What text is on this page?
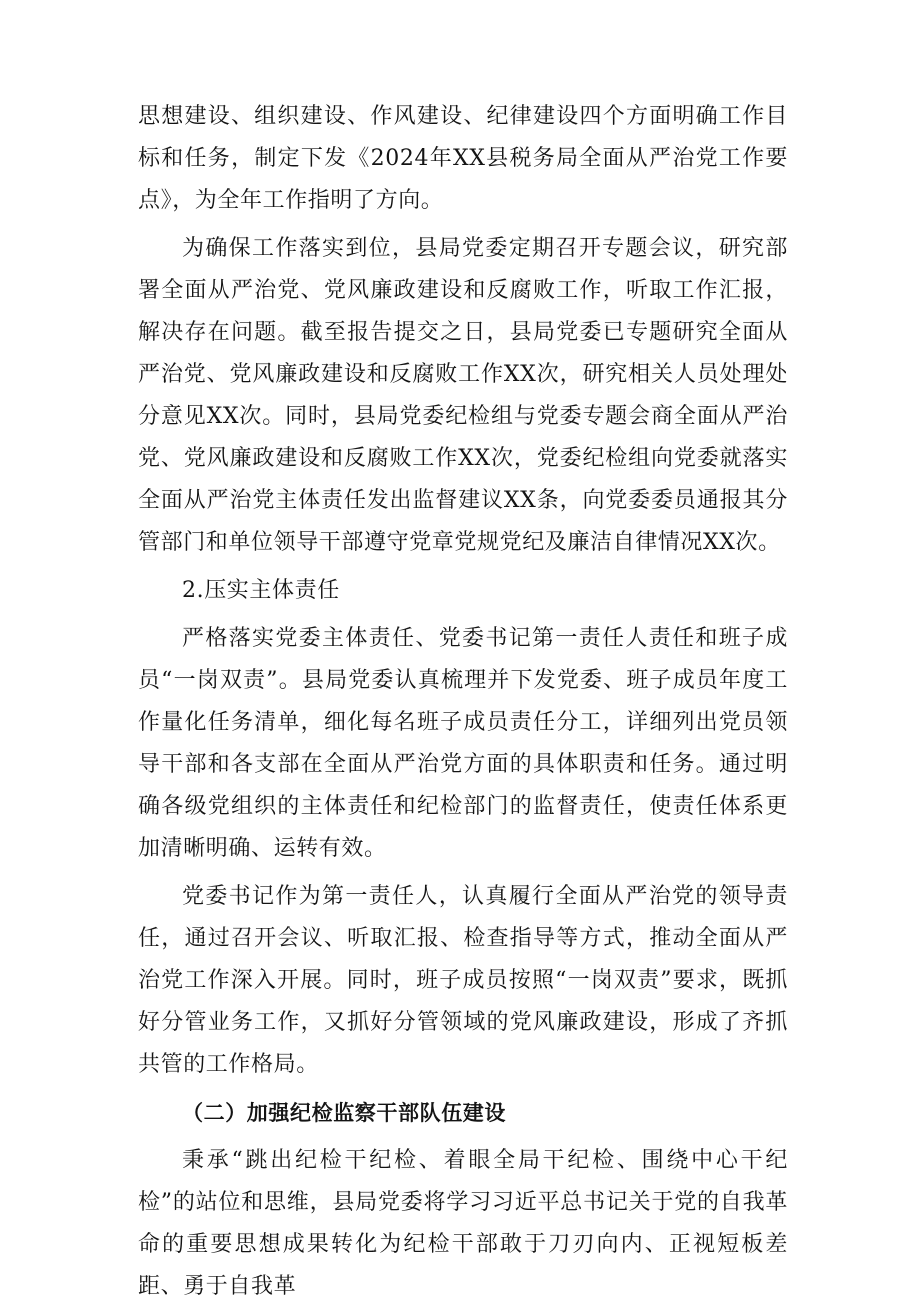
思想建设、组织建设、作风建设、纪律建设四个方面明确工作目标和任务，制定下发《2024年XX县税务局全面从严治党工作要点》，为全年工作指明了方向。

为确保工作落实到位，县局党委定期召开专题会议，研究部署全面从严治党、党风廉政建设和反腐败工作，听取工作汇报，解决存在问题。截至报告提交之日，县局党委已专题研究全面从严治党、党风廉政建设和反腐败工作XX次，研究相关人员处理处分意见XX次。同时，县局党委纪检组与党委专题会商全面从严治党、党风廉政建设和反腐败工作XX次，党委纪检组向党委就落实全面从严治党主体责任发出监督建议XX条，向党委委员通报其分管部门和单位领导干部遵守党章党规党纪及廉洁自律情况XX次。

2.压实主体责任

严格落实党委主体责任、党委书记第一责任人责任和班子成员“一岗双责”。县局党委认真梳理并下发党委、班子成员年度工作量化任务清单，细化每名班子成员责任分工，详细列出党员领导干部和各支部在全面从严治党方面的具体职责和任务。通过明确各级党组织的主体责任和纪检部门的监督责任，使责任体系更加清晰明确、运转有效。

党委书记作为第一责任人，认真履行全面从严治党的领导责任，通过召开会议、听取汇报、检查指导等方式，推动全面从严治党工作深入开展。同时，班子成员按照“一岗双责”要求，既抓好分管业务工作，又抓好分管领域的党风廉政建设，形成了齐抓共管的工作格局。

（二）加强纪检监察干部队伍建设

秉承“跳出纪检干纪检、着眼全局干纪检、围绕中心干纪检”的站位和思维，县局党委将学习习近平总书记关于党的自我革命的重要思想成果转化为纪检干部敢于刀刃向内、正视短板差距、勇于自我革
